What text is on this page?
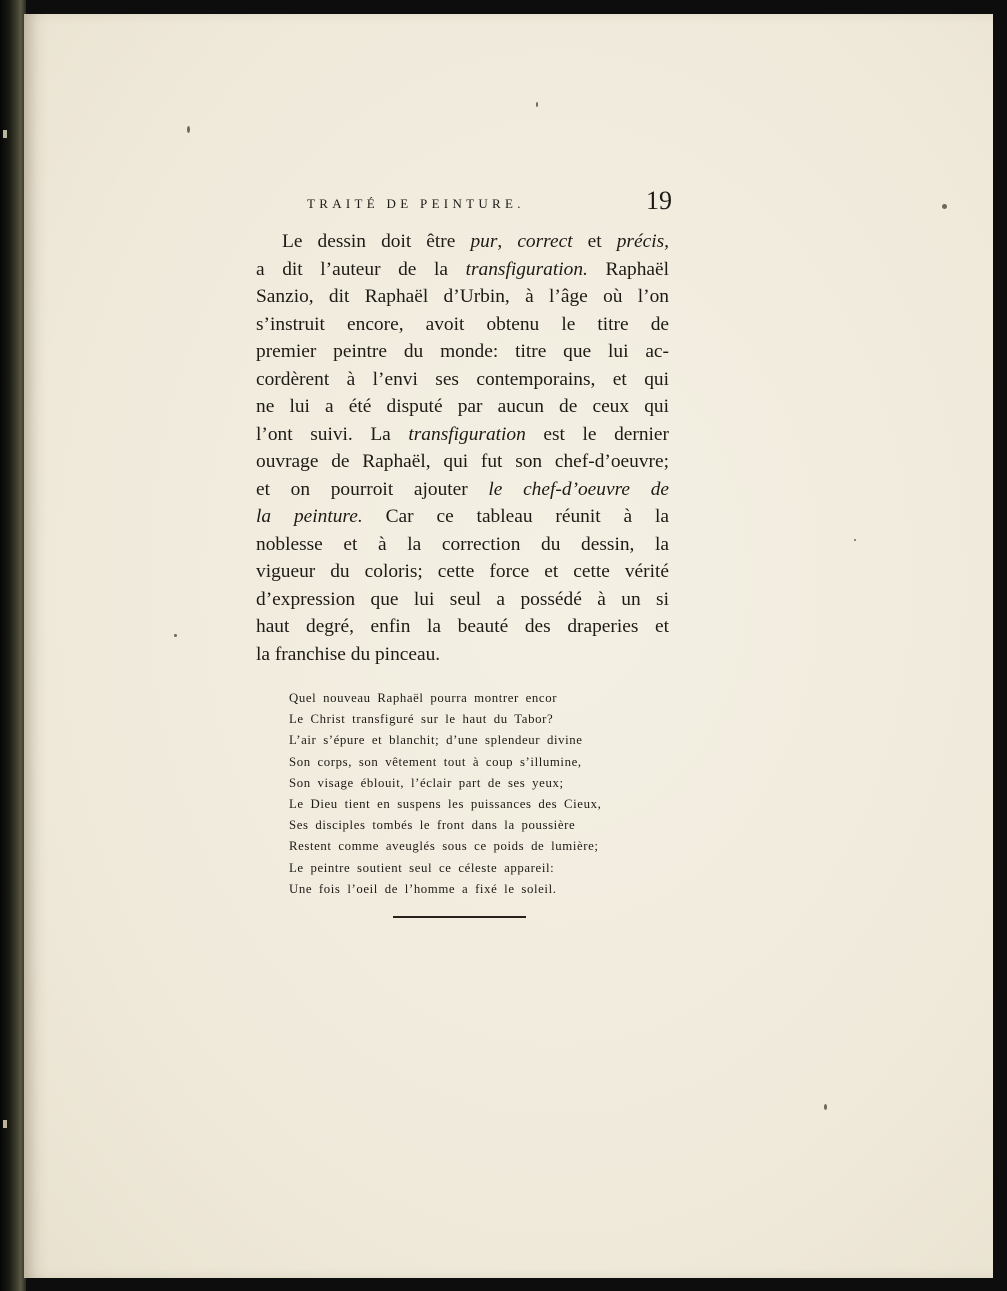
TRAITÉ DE PEINTURE.	19
Le dessin doit être pur, correct et précis,
a dit l’auteur de la transfiguration. Raphaël
Sanzio, dit Raphaël d’Urbin, à l’âge où l’on
s’instruit encore, avoit obtenu le titre de
premier peintre du monde: titre que lui ac-
cordèrent à l’envi ses contemporains, et qui
ne lui a été disputé par aucun de ceux qui
l’ont suivi. La transfiguration est le dernier
ouvrage de Raphaël, qui fut son chef-d’oeuvre;
et on pourroit ajouter le chef-d’oeuvre de
la peinture. Car ce tableau réunit à la
noblesse et à la correction du dessin, la
vigueur du coloris; cette force et cette vérité
d’expression que lui seul a possédé à un si
haut degré, enfin la beauté des draperies et
la franchise du pinceau.
Quel nouveau Raphaël pourra montrer encor
Le Christ transfiguré sur le haut du Tabor?
L’air s’épure et blanchit; d’une splendeur divine
Son corps, son vêtement tout à coup s’illumine,
Son visage éblouit, l’éclair part de ses yeux;
Le Dieu tient en suspens les puissances des Cieux,
Ses disciples tombés le front dans la poussière
Restent comme aveuglés sous ce poids de lumière;
Le peintre soutient seul ce céleste appareil:
Une fois l’oeil de l’homme a fixé le soleil.
